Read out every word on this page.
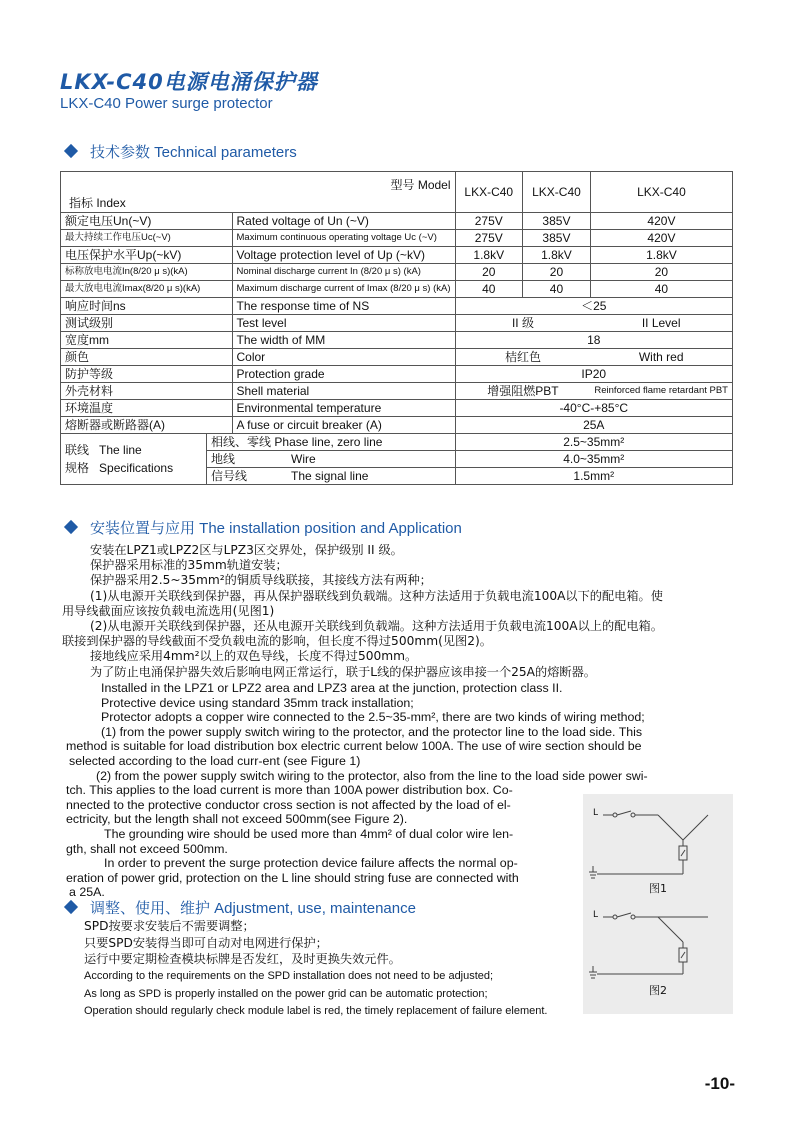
LKX-C40电源电涌保护器
LKX-C40 Power surge protector
技术参数 Technical parameters
指标 Index		型号 Model	LKX-C40	LKX-C40	LKX-C40
额定电压Un(~V)		Rated voltage of Un (~V)	275V	385V	420V
最大持续工作电压Uc(~V)		Maximum continuous operating voltage Uc (~V)	275V	385V	420V
电压保护水平Up(~kV)		Voltage protection level of Up (~kV)	1.8kV	1.8kV	1.8kV
标称放电电流In(8/20 μ s)(kA)		Nominal discharge current In (8/20 μ s) (kA)	20	20	20
最大放电电流Imax(8/20 μ s)(kA)		Maximum discharge current of Imax (8/20 μ s) (kA)	40	40	40
响应时间ns		The response time of NS	＜25		
测试级别		Test level	II 级		II Level
宽度mm		The width of MM	18		
颜色		Color	桔红色		With red
防护等级		Protection grade	IP20		
外壳材料		Shell material	增强阻燃PBT		Reinforced flame retardant PBT
环境温度		Environmental temperature	-40°C-+85°C		
熔断器或断路器(A)		A fuse or circuit breaker (A)	25A		

联线 The line
规格 Specifications	相线、零线 Phase line, zero line		2.5~35mm²		
	地线 Wire		4.0~35mm²		
	信号线 The signal line		1.5mm²		
安装位置与应用 The installation position and Application
安装在LPZ1或LPZ2区与LPZ3区交界处，保护级别 II 级。
保护器采用标准的35mm轨道安装；
保护器采用2.5~35mm²的铜质导线联接，其接线方法有两种；
(1)从电源开关联线到保护器，再从保护器联线到负载端。这种方法适用于负载电流100A以下的配电箱。使
用导线截面应该按负载电流选用(见图1)
(2)从电源开关联线到保护器，还从电源开关联线到负载端。这种方法适用于负载电流100A以上的配电箱。
联接到保护器的导线截面不受负载电流的影响，但长度不得过500mm(见图2)。
接地线应采用4mm²以上的双色导线，长度不得过500mm。
为了防止电涌保护器失效后影响电网正常运行，联于L线的保护器应该串接一个25A的熔断器。
Installed in the LPZ1 or LPZ2 area and LPZ3 area at the junction, protection class II.
Protective device using standard 35mm track installation;
Protector adopts a copper wire connected to the 2.5~35-mm², there are two kinds of wiring method;
(1) from the power supply switch wiring to the protector, and the protector line to the load side. This
method is suitable for load distribution box electric current below 100A. The use of wire section should be
selected according to the load curr-ent (see Figure 1)
(2) from the power supply switch wiring to the protector, also from the line to the load side power swi-
tch. This applies to the load current is more than 100A power distribution box. Co-
nnected to the protective conductor cross section is not affected by the load of el-
ectricity, but the length shall not exceed 500mm(see Figure 2).
The grounding wire should be used more than 4mm² of dual color wire len-
gth, shall not exceed 500mm.
In order to prevent the surge protection device failure affects the normal op-
eration of power grid, protection on the L line should string fuse are connected with
a 25A.
调整、使用、维护 Adjustment, use, maintenance
SPD按要求安装后不需要调整；
只要SPD安装得当即可自动对电网进行保护；
运行中要定期检查模块标牌是否发红，及时更换失效元件。
According to the requirements on the SPD installation does not need to be adjusted;
As long as SPD is properly installed on the power grid can be automatic protection;
Operation should regularly check module label is red, the timely replacement of failure element.
L
L
图1
图2
-10-
